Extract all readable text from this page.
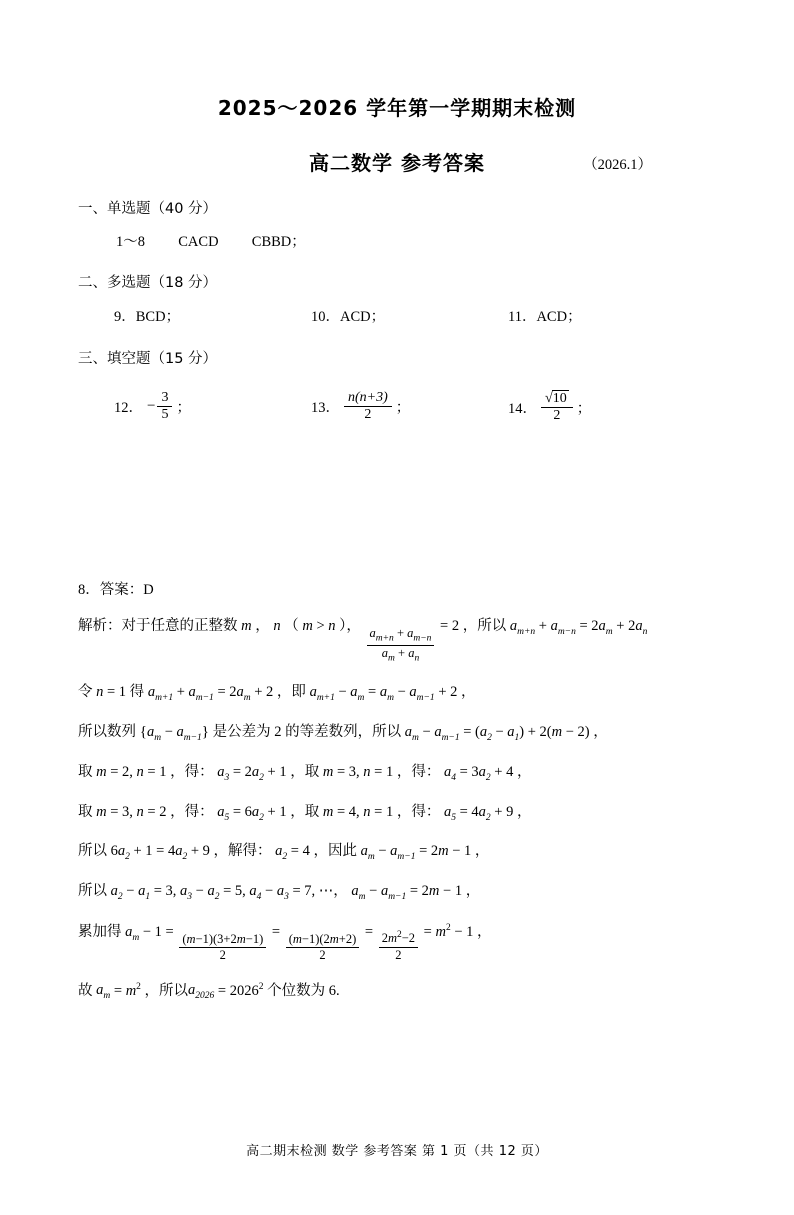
2025～2026 学年第一学期期末检测
高二数学 参考答案	（2026.1）
一、单选题（40 分）
1～8 CACD CBBD；
二、多选题（18 分）
9．BCD；	10．ACD；	11．ACD；
三、填空题（15 分）
12． − $\frac{3}{5}$ ；	13． $\frac{n(n+3)}{2}$ ；	14． $\frac{√10}{2}$ ；
8．答案：D
解析：对于任意的正整数 m ， n （ m > n ）， $\frac{a_{m+n} + a_{m-n}}{a_m + a_n} = 2$ ，所以 $a_{m+n} + a_{m-n} = 2a_m + 2a_n$
令 n = 1 得 $a_{m+1} + a_{m-1} = 2a_m + 2$ ，即 $a_{m+1} - a_m = a_m - a_{m-1} + 2$ ，
所以数列 $\{a_m - a_{m-1}\}$ 是公差为 2 的等差数列，所以 $a_m - a_{m-1} = (a_2 - a_1) + 2(m - 2)$ ，
取 m = 2, n = 1 ，得： $a_3 = 2a_2 + 1$ ，取 m = 3, n = 1 ，得： $a_4 = 3a_2 + 4$ ，
取 m = 3, n = 2 ，得： $a_5 = 6a_2 + 1$ ，取 m = 4, n = 1 ，得： $a_5 = 4a_2 + 9$ ，
所以 $6a_2 + 1 = 4a_2 + 9$ ，解得： $a_2 = 4$ ，因此 $a_m - a_{m-1} = 2m - 1$ ，
所以 $a_2 - a_1 = 3$, $a_3 - a_2 = 5$, $a_4 - a_3 = 7$, ⋯， $a_m - a_{m-1} = 2m - 1$ ，
累加得 $a_m - 1 = \frac{(m-1)(3+2m-1)}{2} = \frac{(m-1)(2m+2)}{2} = \frac{2m^2-2}{2} = m^2 - 1$ ，
故 $a_m = m^2$ ，所以$a_{2026} = 2026^2$ 个位数为 6.
高二期末检测 数学 参考答案 第 1 页（共 12 页）
